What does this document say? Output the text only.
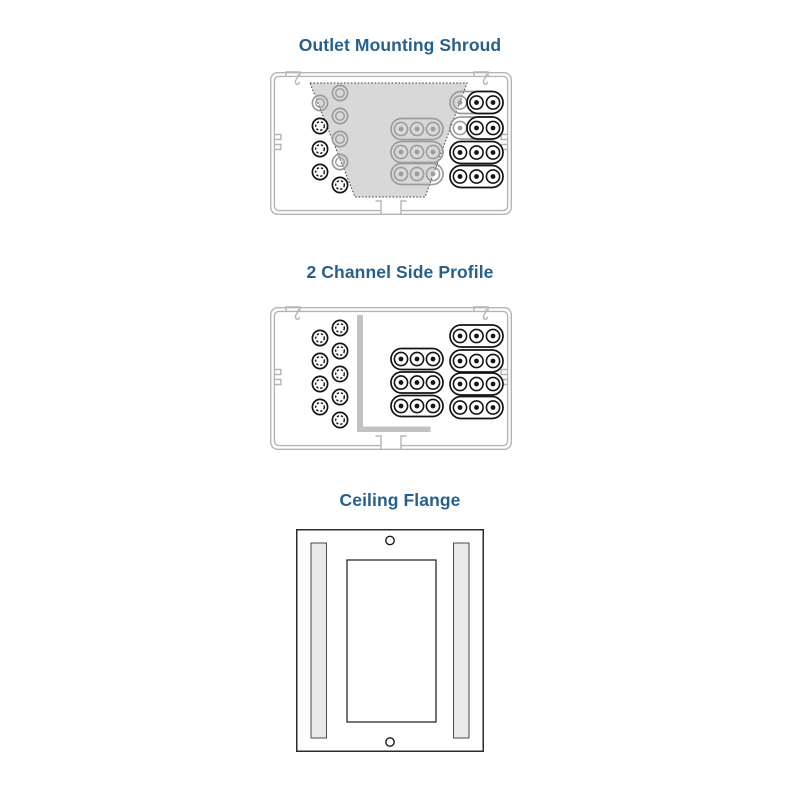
Outlet Mounting Shroud
2 Channel Side Profile
Ceiling Flange
